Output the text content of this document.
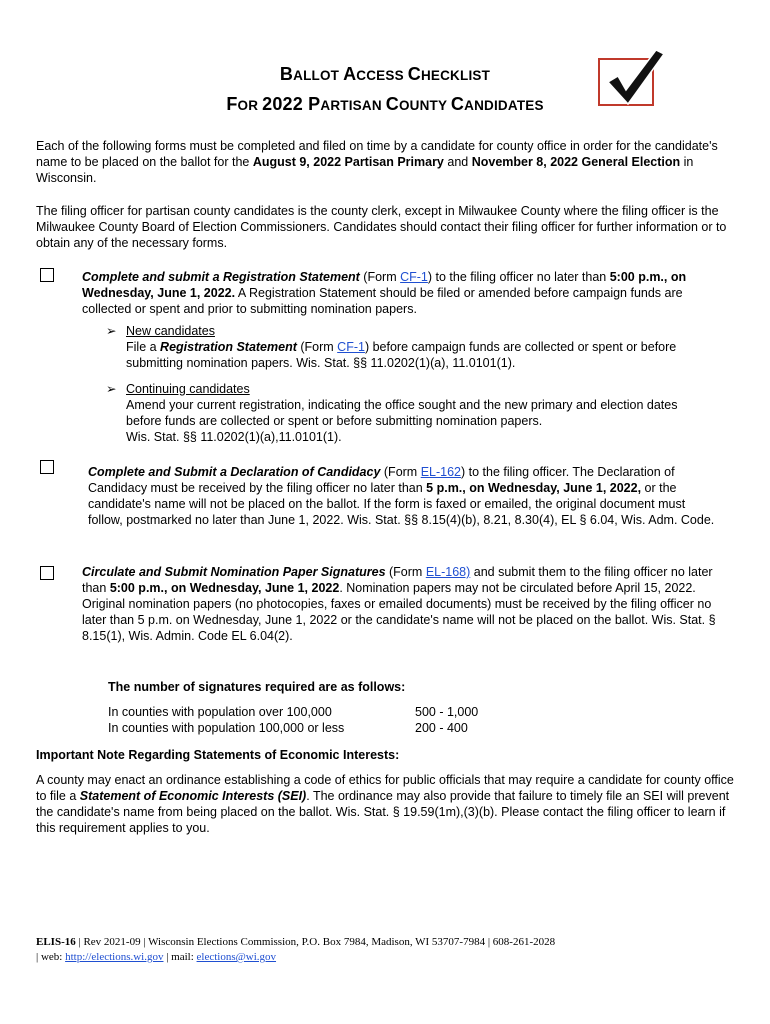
BALLOT ACCESS CHECKLIST
FOR 2022 PARTISAN COUNTY CANDIDATES
Each of the following forms must be completed and filed on time by a candidate for county office in order for the candidate's name to be placed on the ballot for the August 9, 2022 Partisan Primary and November 8, 2022 General Election in Wisconsin.
The filing officer for partisan county candidates is the county clerk, except in Milwaukee County where the filing officer is the Milwaukee County Board of Election Commissioners. Candidates should contact their filing officer for further information or to obtain any of the necessary forms.
Complete and submit a Registration Statement (Form CF-1) to the filing officer no later than 5:00 p.m., on Wednesday, June 1, 2022. A Registration Statement should be filed or amended before campaign funds are collected or spent and prior to submitting nomination papers.
➢ New candidates
File a Registration Statement (Form CF-1) before campaign funds are collected or spent or before submitting nomination papers. Wis. Stat. §§ 11.0202(1)(a), 11.0101(1).
➢ Continuing candidates
Amend your current registration, indicating the office sought and the new primary and election dates before funds are collected or spent or before submitting nomination papers.
Wis. Stat. §§ 11.0202(1)(a),11.0101(1).
Complete and Submit a Declaration of Candidacy (Form EL-162) to the filing officer. The Declaration of Candidacy must be received by the filing officer no later than 5 p.m., on Wednesday, June 1, 2022, or the candidate's name will not be placed on the ballot. If the form is faxed or emailed, the original document must follow, postmarked no later than June 1, 2022. Wis. Stat. §§ 8.15(4)(b), 8.21, 8.30(4), EL § 6.04, Wis. Adm. Code.
Circulate and Submit Nomination Paper Signatures (Form EL-168) and submit them to the filing officer no later than 5:00 p.m., on Wednesday, June 1, 2022. Nomination papers may not be circulated before April 15, 2022. Original nomination papers (no photocopies, faxes or emailed documents) must be received by the filing officer no later than 5 p.m. on Wednesday, June 1, 2022 or the candidate's name will not be placed on the ballot. Wis. Stat. § 8.15(1), Wis. Admin. Code EL 6.04(2).
The number of signatures required are as follows:
In counties with population over 100,000	500 - 1,000
In counties with population 100,000 or less	200 - 400
Important Note Regarding Statements of Economic Interests:
A county may enact an ordinance establishing a code of ethics for public officials that may require a candidate for county office to file a Statement of Economic Interests (SEI). The ordinance may also provide that failure to timely file an SEI will prevent the candidate's name from being placed on the ballot. Wis. Stat. § 19.59(1m),(3)(b). Please contact the filing officer to learn if this requirement applies to you.
ELIS-16 | Rev 2021-09 | Wisconsin Elections Commission, P.O. Box 7984, Madison, WI 53707-7984 | 608-261-2028
| web: http://elections.wi.gov | mail: elections@wi.gov
